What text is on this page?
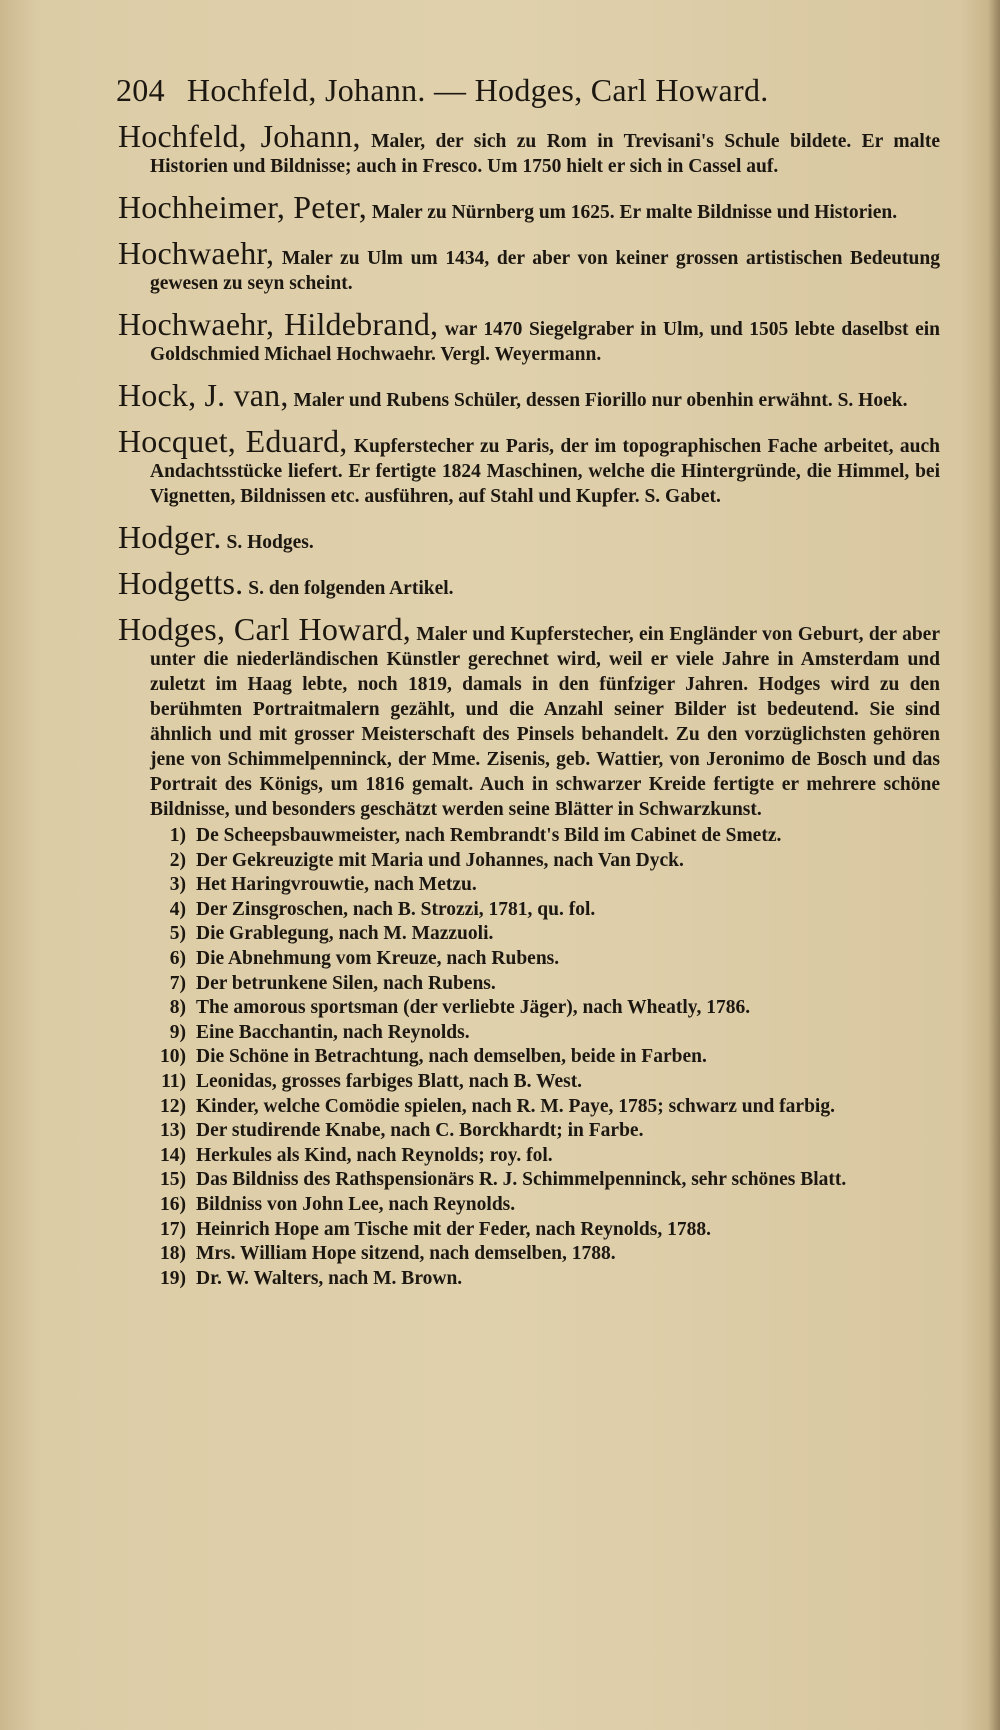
204 Hochfeld, Johann. — Hodges, Carl Howard.
Hochfeld, Johann, Maler, der sich zu Rom in Trevisani's Schule bildete. Er malte Historien und Bildnisse; auch in Fresco. Um 1750 hielt er sich in Cassel auf.
Hochheimer, Peter, Maler zu Nürnberg um 1625. Er malte Bildnisse und Historien.
Hochwaehr, Maler zu Ulm um 1434, der aber von keiner grossen artistischen Bedeutung gewesen zu seyn scheint.
Hochwaehr, Hildebrand, war 1470 Siegelgraber in Ulm, und 1505 lebte daselbst ein Goldschmied Michael Hochwaehr. Vergl. Weyermann.
Hock, J. van, Maler und Rubens Schüler, dessen Fiorillo nur obenhin erwähnt. S. Hoek.
Hocquet, Eduard, Kupferstecher zu Paris, der im topographischen Fache arbeitet, auch Andachtsstücke liefert. Er fertigte 1824 Maschinen, welche die Hintergründe, die Himmel, bei Vignetten, Bildnissen etc. ausführen, auf Stahl und Kupfer. S. Gabet.
Hodger. S. Hodges.
Hodgetts. S. den folgenden Artikel.
Hodges, Carl Howard, Maler und Kupferstecher, ein Engländer von Geburt, der aber unter die niederländischen Künstler gerechnet wird, weil er viele Jahre in Amsterdam und zuletzt im Haag lebte, noch 1819, damals in den fünfziger Jahren. Hodges wird zu den berühmten Portraitmalern gezählt, und die Anzahl seiner Bilder ist bedeutend. Sie sind ähnlich und mit grosser Meisterschaft des Pinsels behandelt. Zu den vorzüglichsten gehören jene von Schimmelpenninck, der Mme. Zisenis, geb. Wattier, von Jeronimo de Bosch und das Portrait des Königs, um 1816 gemalt. Auch in schwarzer Kreide fertigte er mehrere schöne Bildnisse, und besonders geschätzt werden seine Blätter in Schwarzkunst.
1) De Scheepsbauwmeister, nach Rembrandt's Bild im Cabinet de Smetz.
2) Der Gekreuzigte mit Maria und Johannes, nach Van Dyck.
3) Het Haringvrouwtie, nach Metzu.
4) Der Zinsgroschen, nach B. Strozzi, 1781, qu. fol.
5) Die Grablegung, nach M. Mazzuoli.
6) Die Abnehmung vom Kreuze, nach Rubens.
7) Der betrunkene Silen, nach Rubens.
8) The amorous sportsman (der verliebte Jäger), nach Wheatly, 1786.
9) Eine Bacchantin, nach Reynolds.
10) Die Schöne in Betrachtung, nach demselben, beide in Farben.
11) Leonidas, grosses farbiges Blatt, nach B. West.
12) Kinder, welche Comödie spielen, nach R. M. Paye, 1785; schwarz und farbig.
13) Der studirende Knabe, nach C. Borckhardt; in Farbe.
14) Herkules als Kind, nach Reynolds; roy. fol.
15) Das Bildniss des Rathspensionärs R. J. Schimmelpenninck, sehr schönes Blatt.
16) Bildniss von John Lee, nach Reynolds.
17) Heinrich Hope am Tische mit der Feder, nach Reynolds, 1788.
18) Mrs. William Hope sitzend, nach demselben, 1788.
19) Dr. W. Walters, nach M. Brown.
